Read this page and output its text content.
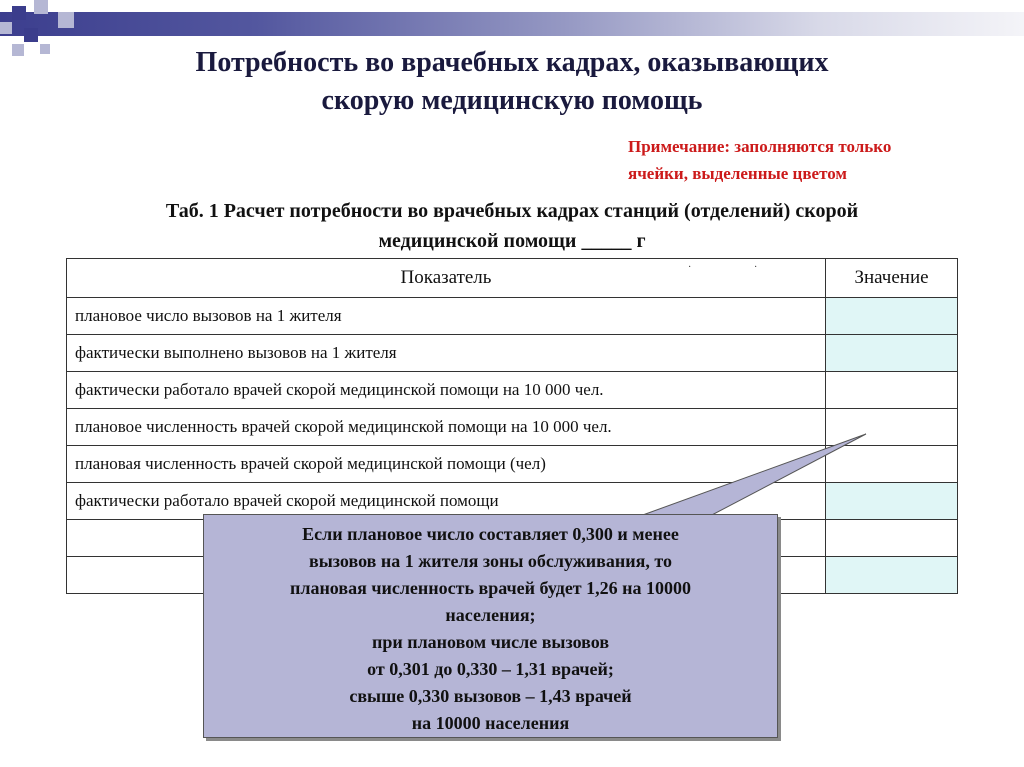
Потребность во врачебных кадрах, оказывающих
скорую медицинскую помощь
Примечание: заполняются только
ячейки, выделенные цветом
Таб. 1 Расчет потребности во врачебных кадрах станций (отделений) скорой
медицинской помощи _____ г
Показатель	Значение
плановое число вызовов на 1 жителя	
фактически выполнено вызовов на 1 жителя	
фактически работало врачей скорой медицинской помощи на 10 000 чел.	
плановое численность врачей скорой медицинской помощи на 10 000 чел.	
плановая численность врачей скорой медицинской помощи (чел)	
фактически работало врачей скорой медицинской помощи	

·	·
Если плановое число составляет 0,300 и менее
вызовов на 1 жителя зоны обслуживания, то
плановая численность врачей будет 1,26 на 10000
населения;
при плановом числе вызовов
от 0,301 до 0,330 – 1,31 врачей;
свыше 0,330 вызовов – 1,43 врачей
на 10000 населения
